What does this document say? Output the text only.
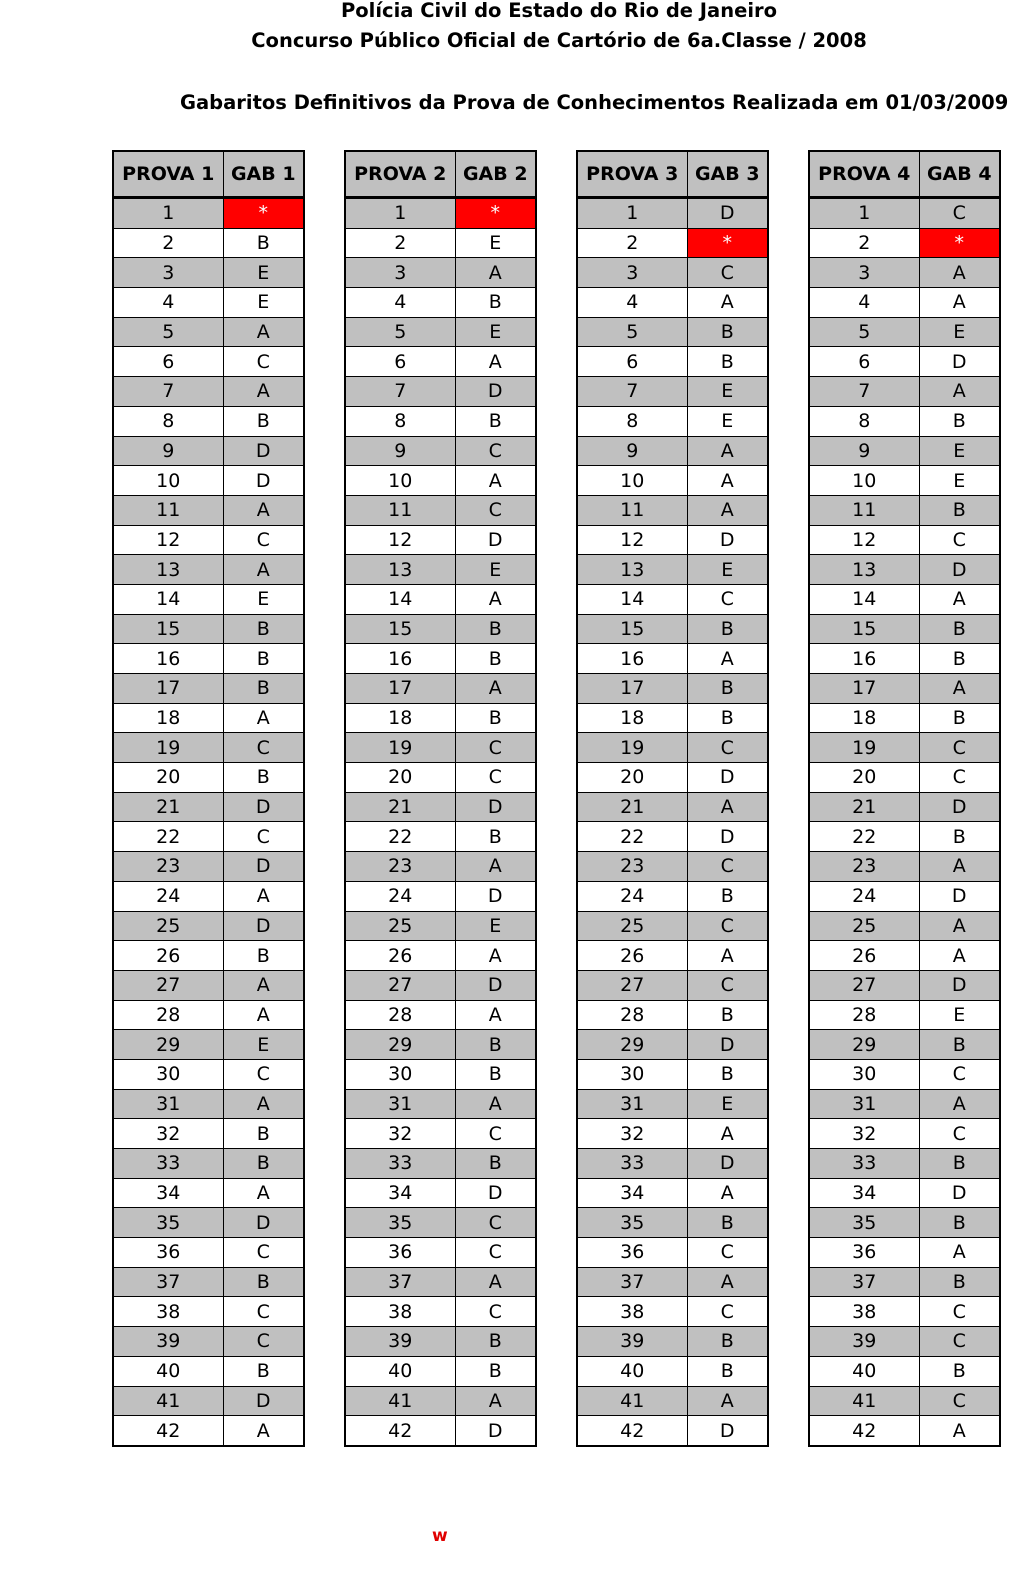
Polícia Civil do Estado do Rio de Janeiro
Concurso Público Oficial de Cartório de 6a.Classe / 2008
Gabaritos Definitivos da Prova de Conhecimentos Realizada em 01/03/2009
PROVA 1	GAB 1
1	*
2	B
3	E
4	E
5	A
6	C
7	A
8	B
9	D
10	D
11	A
12	C
13	A
14	E
15	B
16	B
17	B
18	A
19	C
20	B
21	D
22	C
23	D
24	A
25	D
26	B
27	A
28	A
29	E
30	C
31	A
32	B
33	B
34	A
35	D
36	C
37	B
38	C
39	C
40	B
41	D
42	A
PROVA 2	GAB 2
1	*
2	E
3	A
4	B
5	E
6	A
7	D
8	B
9	C
10	A
11	C
12	D
13	E
14	A
15	B
16	B
17	A
18	B
19	C
20	C
21	D
22	B
23	A
24	D
25	E
26	A
27	D
28	A
29	B
30	B
31	A
32	C
33	B
34	D
35	C
36	C
37	A
38	C
39	B
40	B
41	A
42	D
PROVA 3	GAB 3
1	D
2	*
3	C
4	A
5	B
6	B
7	E
8	E
9	A
10	A
11	A
12	D
13	E
14	C
15	B
16	A
17	B
18	B
19	C
20	D
21	A
22	D
23	C
24	B
25	C
26	A
27	C
28	B
29	D
30	B
31	E
32	A
33	D
34	A
35	B
36	C
37	A
38	C
39	B
40	B
41	A
42	D
PROVA 4	GAB 4
1	C
2	*
3	A
4	A
5	E
6	D
7	A
8	B
9	E
10	E
11	B
12	C
13	D
14	A
15	B
16	B
17	A
18	B
19	C
20	C
21	D
22	B
23	A
24	D
25	A
26	A
27	D
28	E
29	B
30	C
31	A
32	C
33	B
34	D
35	B
36	A
37	B
38	C
39	C
40	B
41	C
42	A
w
